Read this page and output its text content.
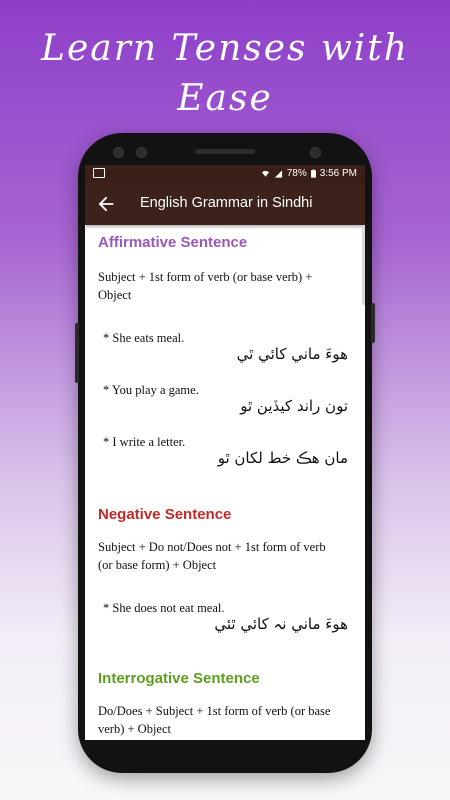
Learn Tenses with
Ease
78% 3:56 PM
English Grammar in Sindhi
Affirmative Sentence
Subject + 1st form of verb (or base verb) + Object
* She eats meal.
هوءَ ماني کائي ٿي
* You play a game.
تون راند کيڏين ٿو
* I write a letter.
مان هڪ خط لکان ٿو
Negative Sentence
Subject + Do not/Does not + 1st form of verb (or base form) + Object
* She does not eat meal.
هوءَ ماني نہ کائي ٿئي
Interrogative Sentence
Do/Does + Subject + 1st form of verb (or base verb) + Object
